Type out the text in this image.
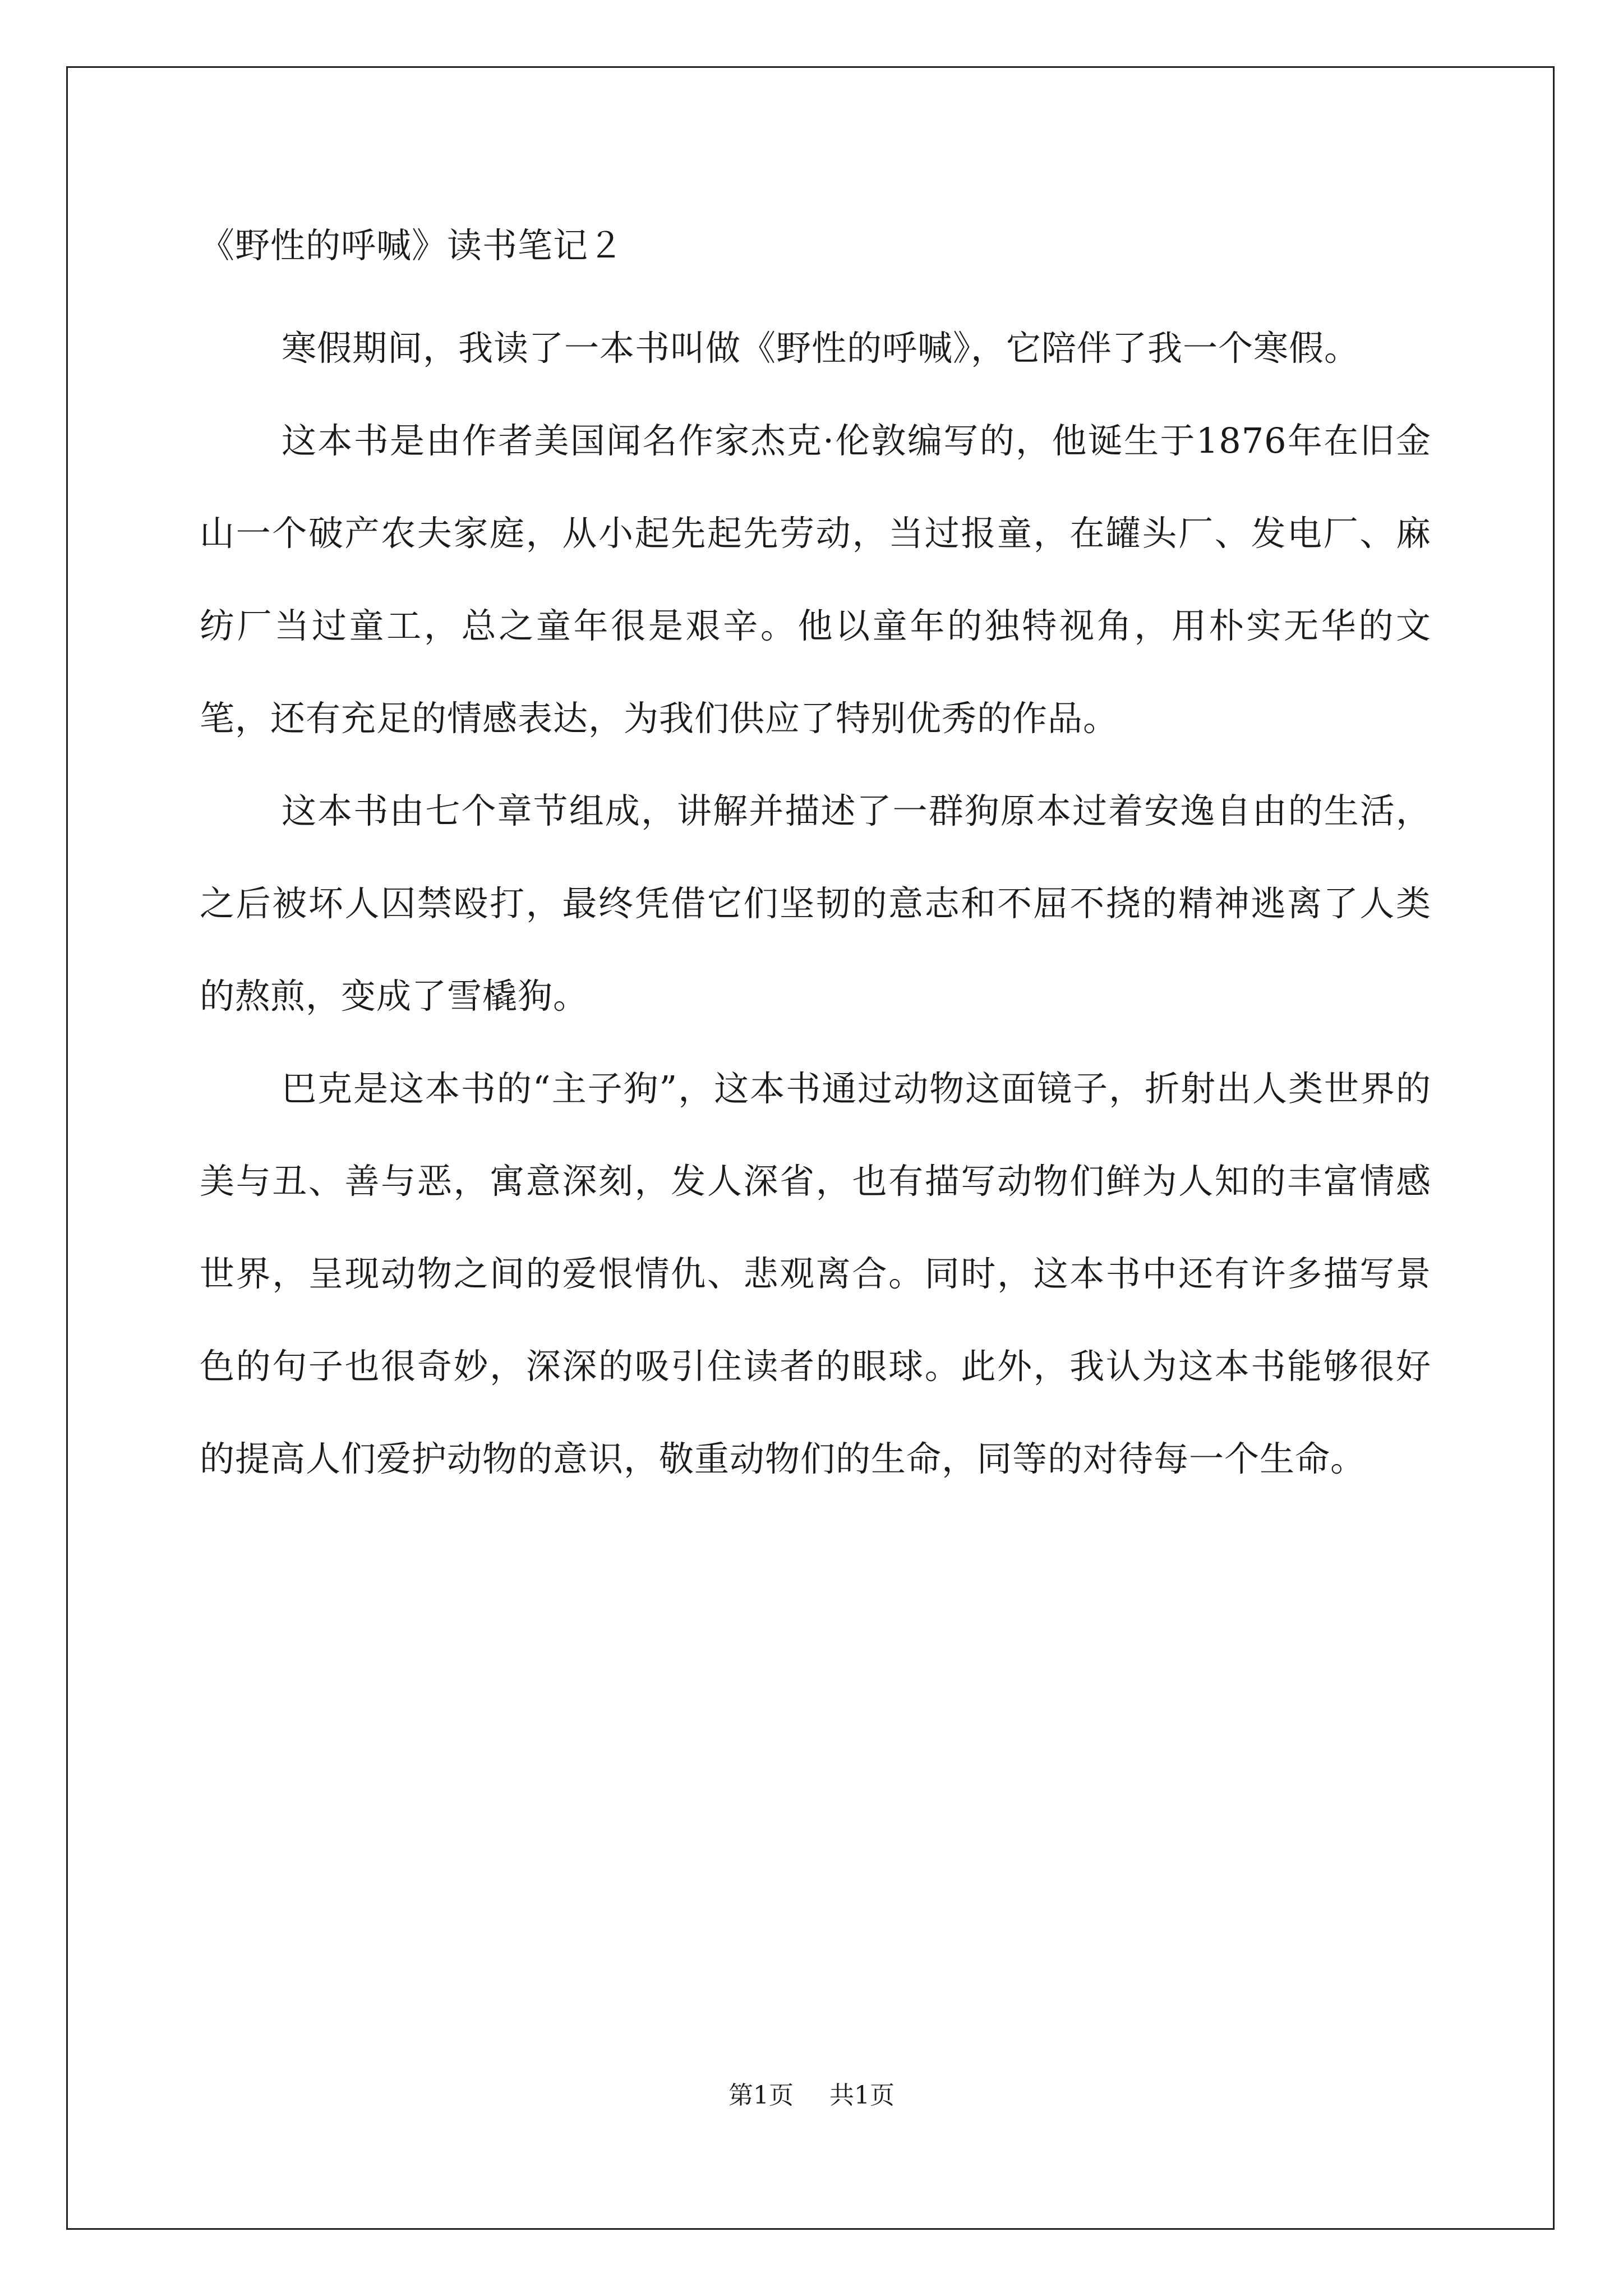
《野性的呼喊》读书笔记２

寒假期间，我读了一本书叫做《野性的呼喊》，它陪伴了我一个寒假。

这本书是由作者美国闻名作家杰克·伦敦编写的，他诞生于1876年在旧金山一个破产农夫家庭，从小起先起先劳动，当过报童，在罐头厂、发电厂、麻纺厂当过童工，总之童年很是艰辛。他以童年的独特视角，用朴实无华的文笔，还有充足的情感表达，为我们供应了特别优秀的作品。

这本书由七个章节组成，讲解并描述了一群狗原本过着安逸自由的生活，之后被坏人囚禁殴打，最终凭借它们坚韧的意志和不屈不挠的精神逃离了人类的熬煎，变成了雪橇狗。

巴克是这本书的“主子狗”，这本书通过动物这面镜子，折射出人类世界的美与丑、善与恶，寓意深刻，发人深省，也有描写动物们鲜为人知的丰富情感世界，呈现动物之间的爱恨情仇、悲观离合。同时，这本书中还有许多描写景色的句子也很奇妙，深深的吸引住读者的眼球。此外，我认为这本书能够很好的提高人们爱护动物的意识，敬重动物们的生命，同等的对待每一个生命。

第1页 共1页
